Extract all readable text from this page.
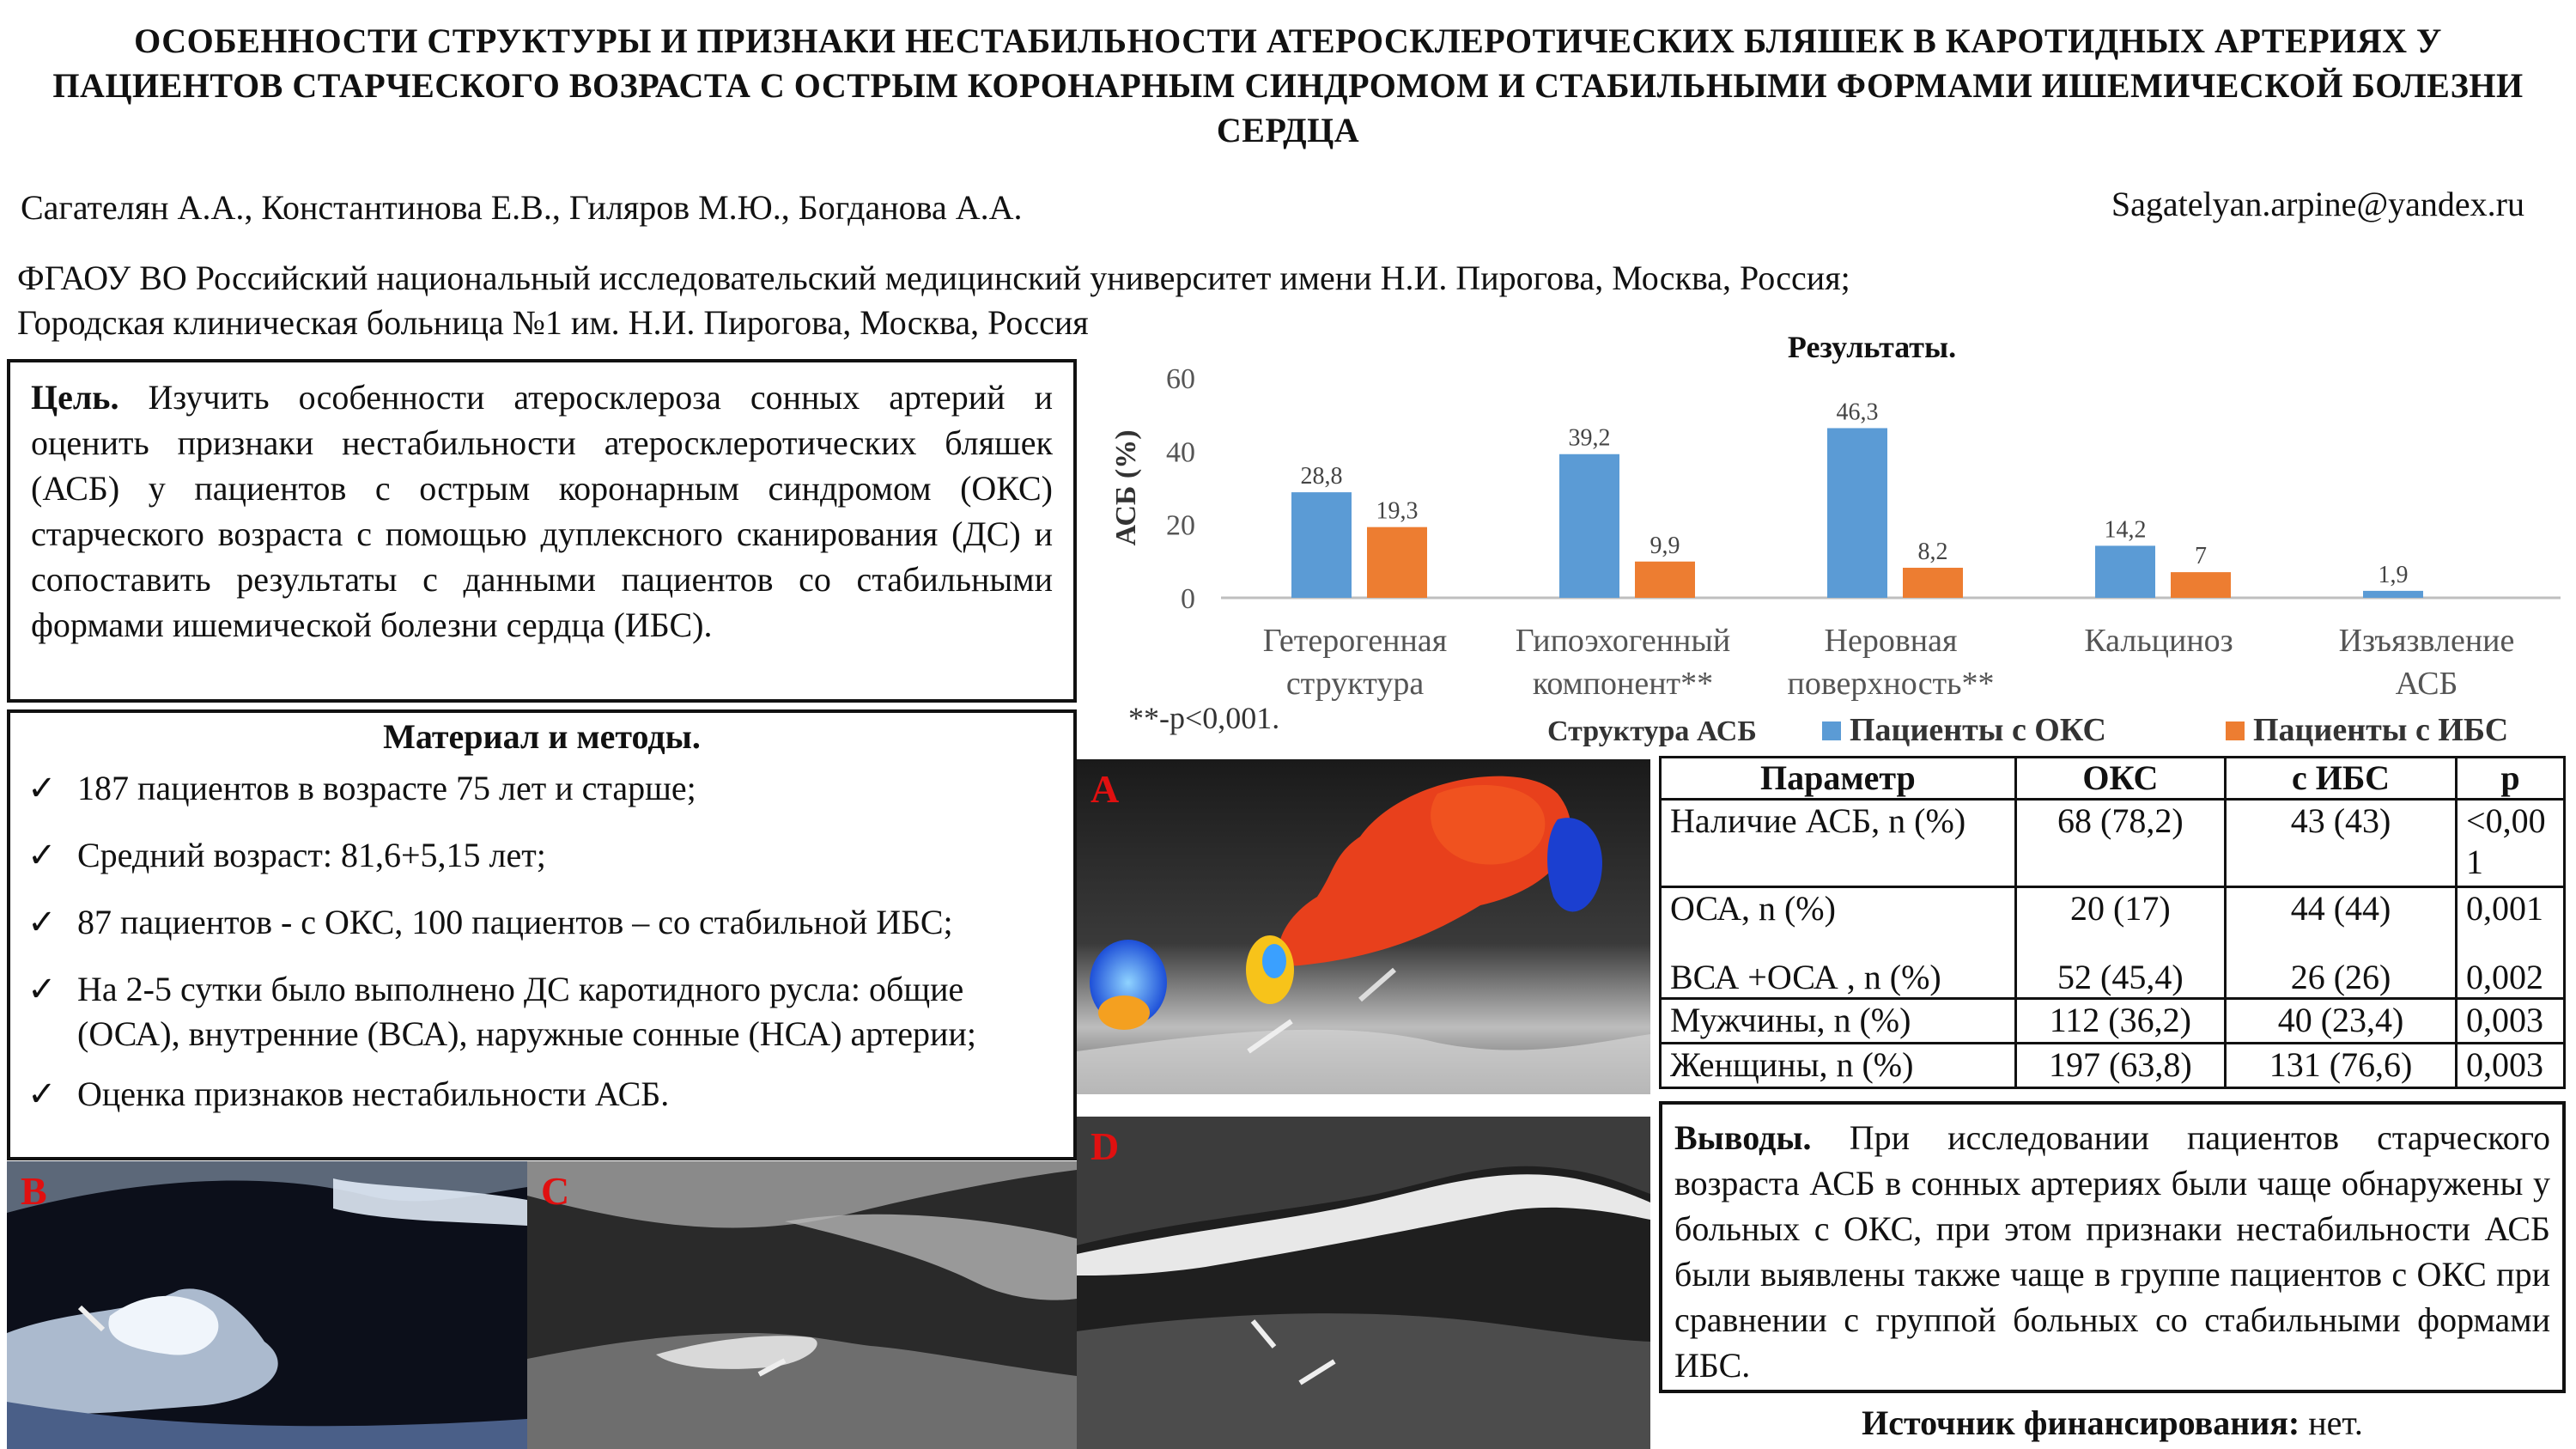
ОСОБЕННОСТИ СТРУКТУРЫ И ПРИЗНАКИ НЕСТАБИЛЬНОСТИ АТЕРОСКЛЕРОТИЧЕСКИХ БЛЯШЕК В КАРОТИДНЫХ АРТЕРИЯХ У ПАЦИЕНТОВ СТАРЧЕСКОГО ВОЗРАСТА С ОСТРЫМ КОРОНАРНЫМ СИНДРОМОМ И СТАБИЛЬНЫМИ ФОРМАМИ ИШЕМИЧЕСКОЙ БОЛЕЗНИ СЕРДЦА
Сагателян А.А., Константинова Е.В., Гиляров М.Ю., Богданова А.А.	Sagatelyan.arpine@yandex.ru
ФГАОУ ВО Российский национальный исследовательский медицинский университет имени Н.И. Пирогова, Москва, Россия;
Городская клиническая больница №1 им. Н.И. Пирогова, Москва, Россия
Цель. Изучить особенности атеросклероза сонных артерий и оценить признаки нестабильности атеросклеротических бляшек (АСБ) у пациентов с острым коронарным синдромом (ОКС) старческого возраста с помощью дуплексного сканирования (ДС) и сопоставить результаты с данными пациентов со стабильными формами ишемической болезни сердца (ИБС).
Материал и методы.
✓ 187 пациентов в возрасте 75 лет и старше;
✓ Средний возраст: 81,6+5,15 лет;
✓ 87 пациентов - с ОКС, 100 пациентов – со стабильной ИБС;
✓ На 2-5 сутки было выполнено ДС каротидного русла: общие (ОСА), внутренние (ВСА), наружные сонные (НСА) артерии;
✓ Оценка признаков нестабильности АСБ.
Результаты.
0
20
40
60
АСБ (%)	28,8
19,3
Гетерогенная
структура
39,2
9,9
Гипоэхогенный
компонент**
46,3
8,2
Неровная
поверхность**
14,2
7
Кальциноз
1,9
Изъязвление
АСБ
**-p<0,001.	Структура АСБ	Пациенты с ОКС	Пациенты с ИБС
A	Параметр	ОКС	с ИБС	p
Наличие АСБ, n (%)	68 (78,2)	43 (43)	<0,001
ОСА, n (%)	20 (17)	44 (44)	0,001
ВСА +ОСА , n (%)	52 (45,4)	26 (26)	0,002
Мужчины, n (%)	112 (36,2)	40 (23,4)	0,003
Женщины, n (%)	197 (63,8)	131 (76,6)	0,003
B	C
D	Выводы. При исследовании пациентов старческого возраста АСБ в сонных артериях были чаще обнаружены у больных с ОКС, при этом признаки нестабильности АСБ были выявлены также чаще в группе пациентов с ОКС при сравнении с группой больных со стабильными формами ИБС.
Источник финансирования: нет.
